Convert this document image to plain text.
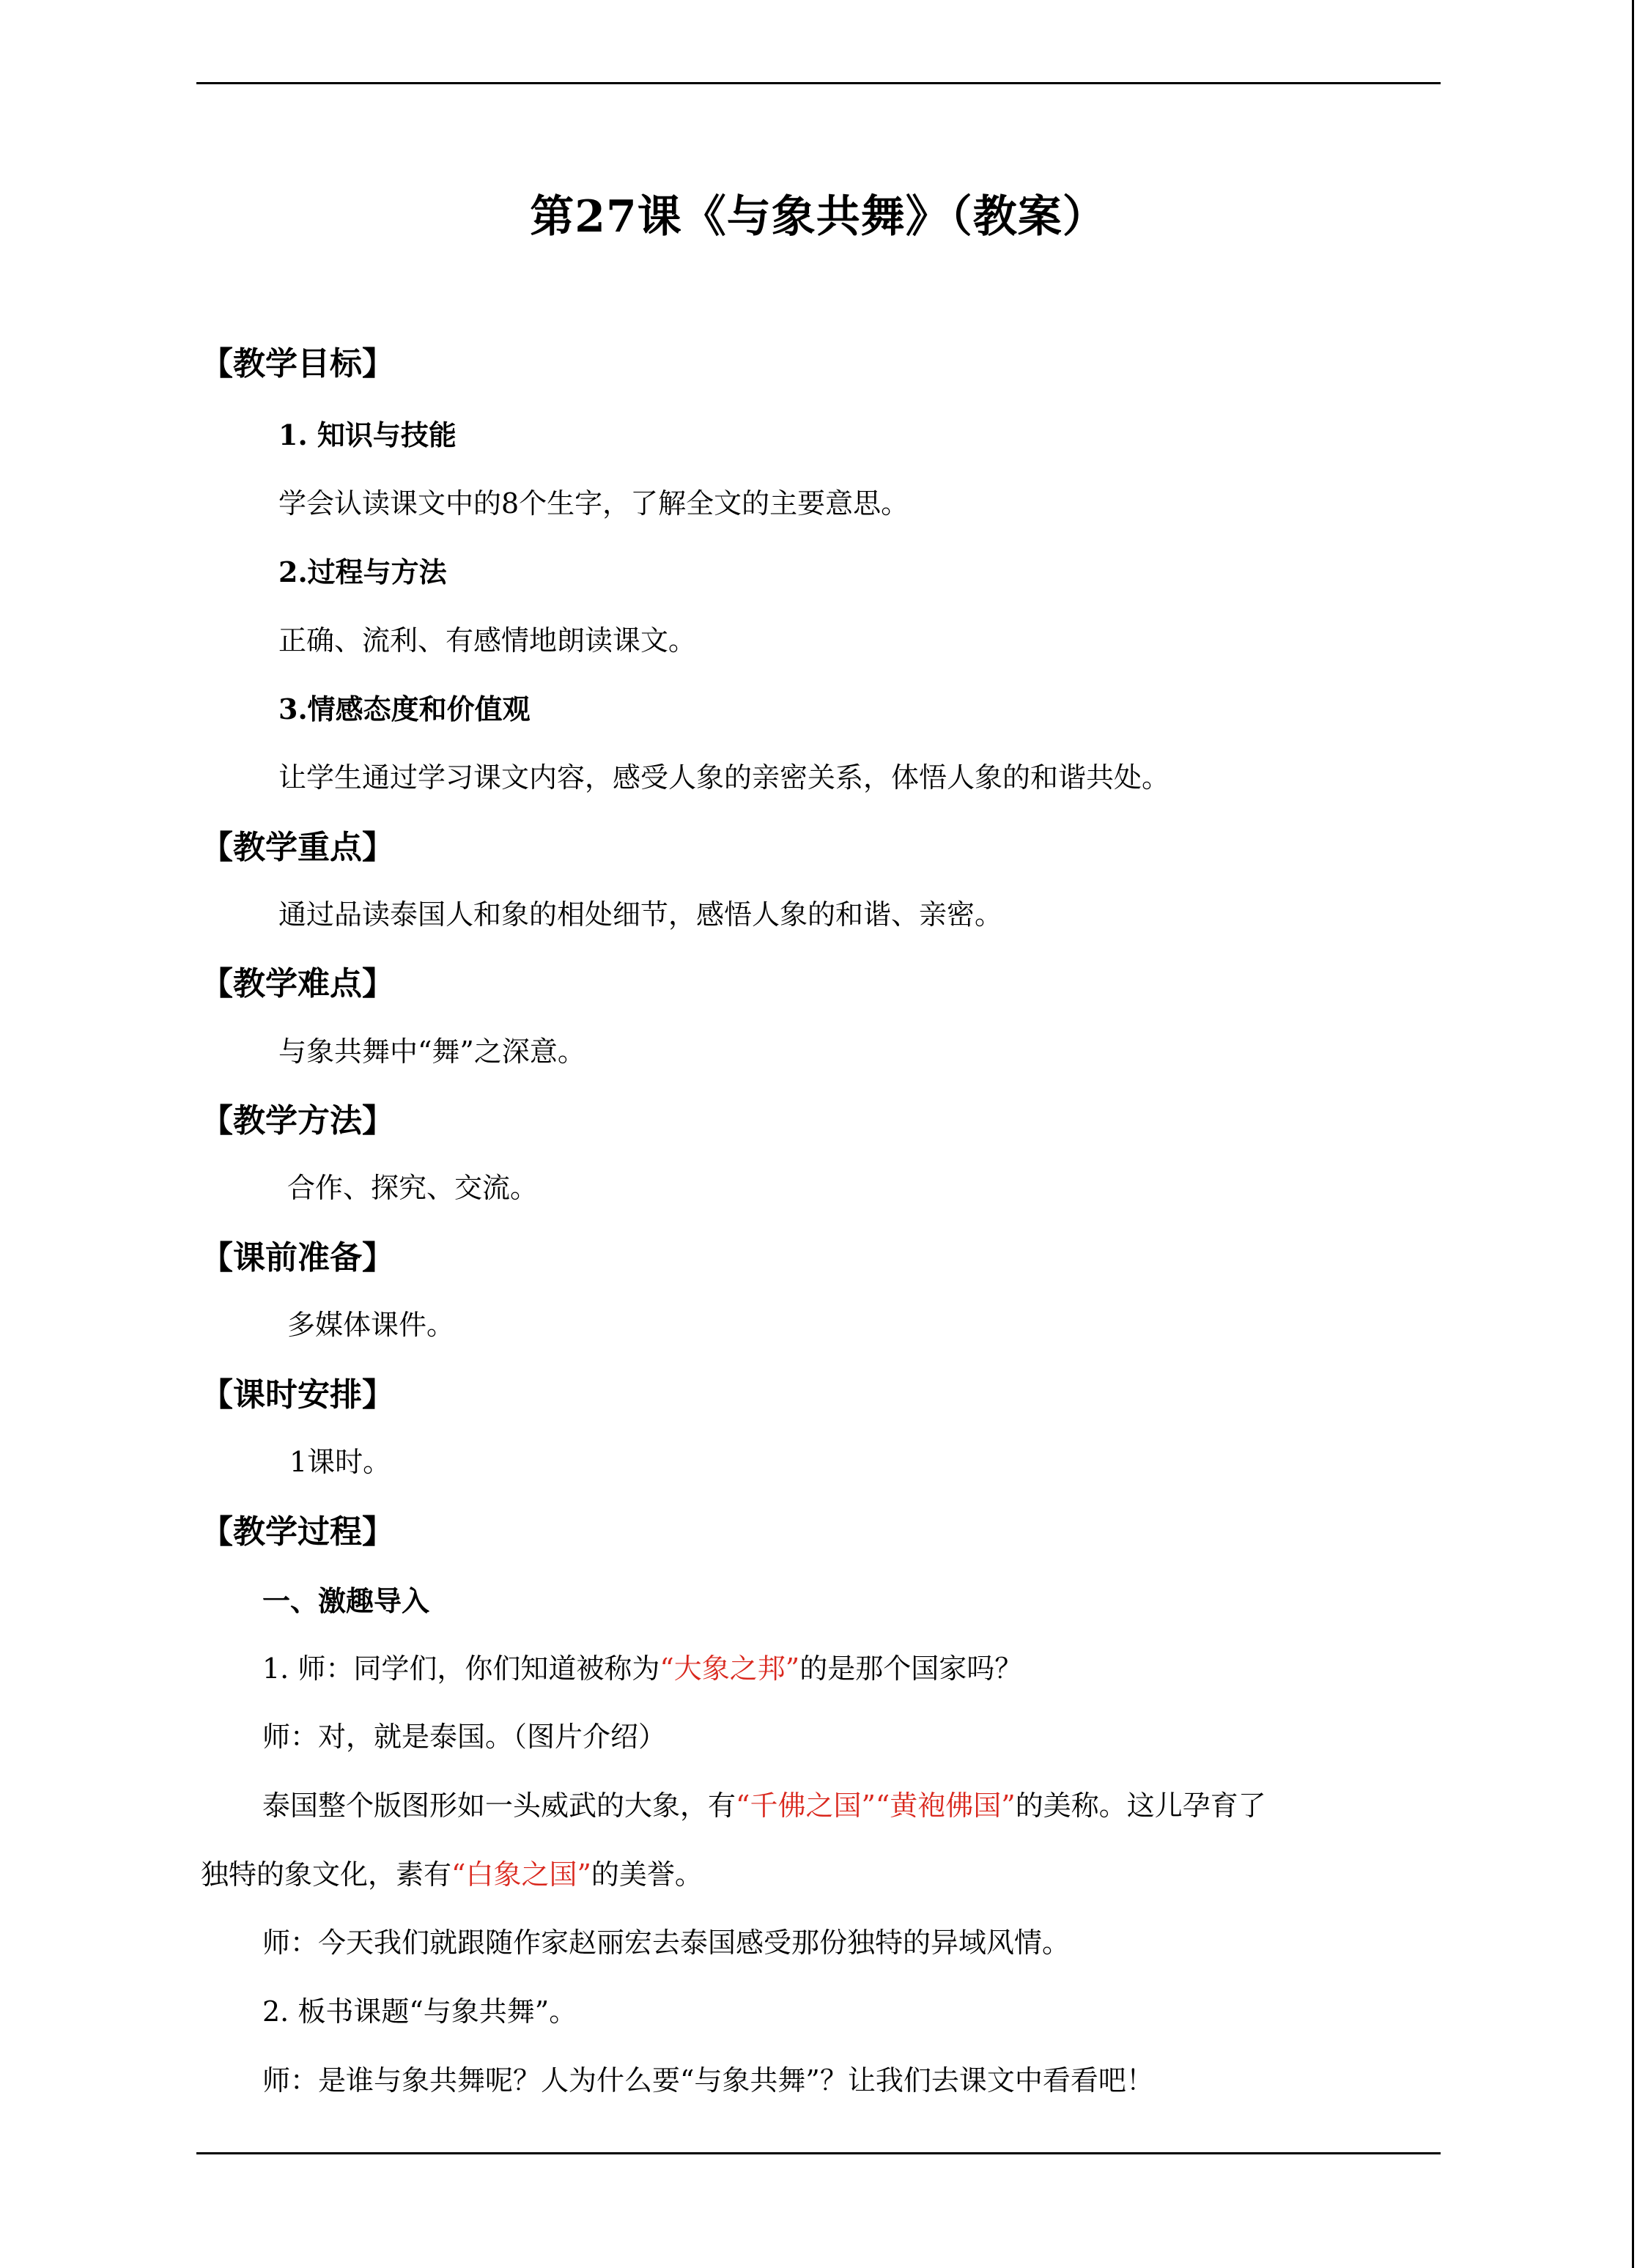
第27课《与象共舞》（教案）
【教学目标】
1. 知识与技能
学会认读课文中的8个生字，了解全文的主要意思。
2.过程与方法
正确、流利、有感情地朗读课文。
3.情感态度和价值观
让学生通过学习课文内容，感受人象的亲密关系，体悟人象的和谐共处。
【教学重点】
通过品读泰国人和象的相处细节，感悟人象的和谐、亲密。
【教学难点】
与象共舞中“舞”之深意。
【教学方法】
合作、探究、交流。
【课前准备】
多媒体课件。
【课时安排】
1课时。
【教学过程】
一、激趣导入
1. 师：同学们，你们知道被称为“大象之邦”的是那个国家吗？
师：对，就是泰国。（图片介绍）
泰国整个版图形如一头威武的大象，有“千佛之国”“黄袍佛国”的美称。这儿孕育了
独特的象文化，素有“白象之国”的美誉。
师：今天我们就跟随作家赵丽宏去泰国感受那份独特的异域风情。
2. 板书课题“与象共舞”。
师：是谁与象共舞呢？人为什么要“与象共舞”？让我们去课文中看看吧！
